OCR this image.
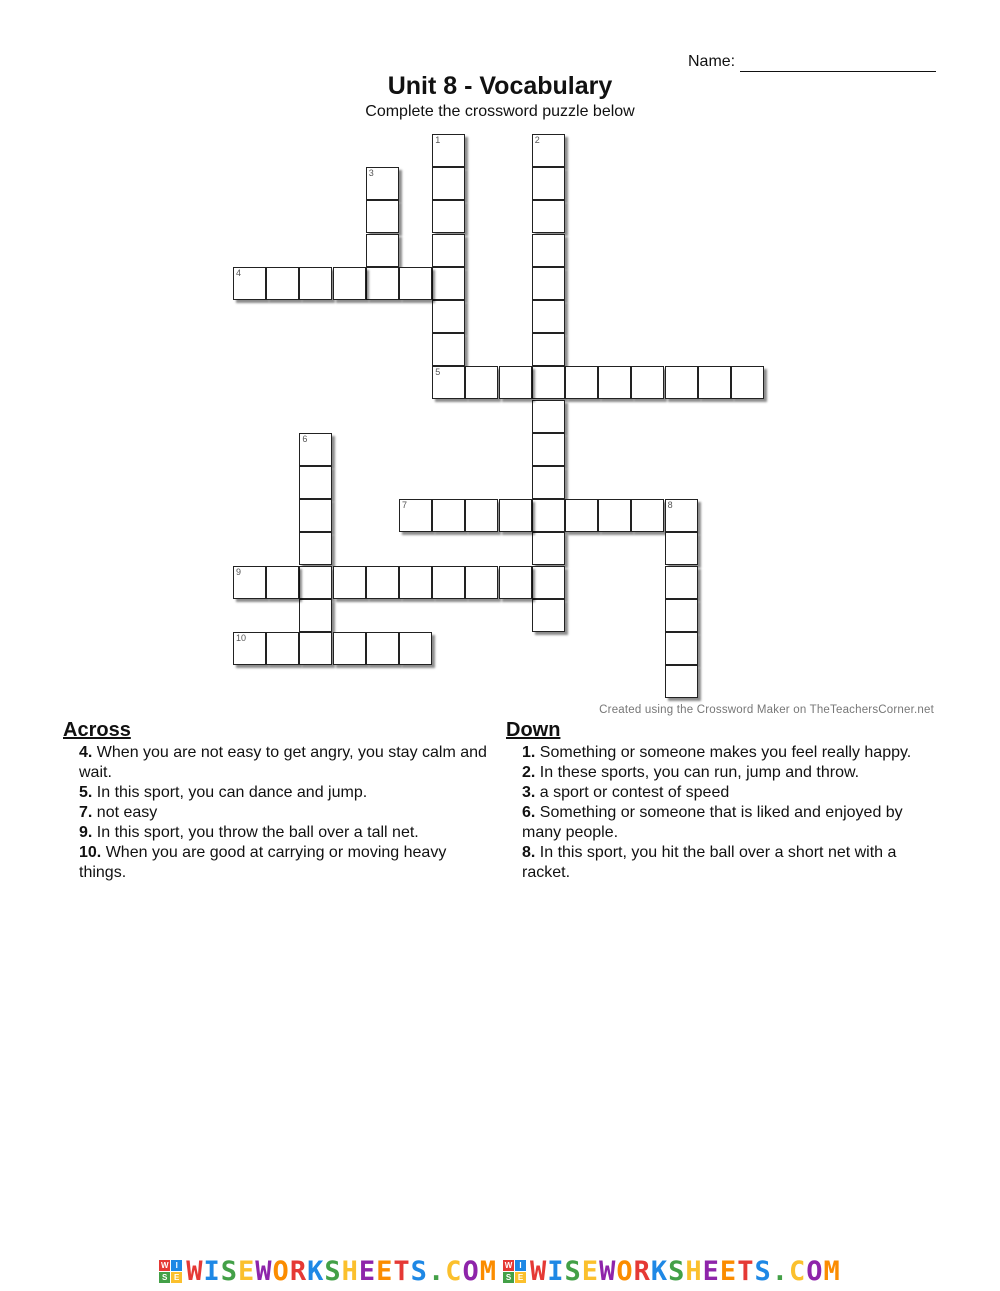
Name:
Unit 8 - Vocabulary
Complete the crossword puzzle below
1
5
2
3
4
6
7	8
9
10
Created using the Crossword Maker on TheTeachersCorner.net
Across
4. When you are not easy to get angry, you stay calm and wait.
5. In this sport, you can dance and jump.
7. not easy
9. In this sport, you throw the ball over a tall net.
10. When you are good at carrying or moving heavy things.
Down
1. Something or someone makes you feel really happy.
2. In these sports, you can run, jump and throw.
3. a sport or contest of speed
6. Something or someone that is liked and enjoyed by many people.
8. In this sport, you hit the ball over a short net with a racket.
W I
S E WISEWORKSHEETS.COM W I
S E WISEWORKSHEETS.COM
